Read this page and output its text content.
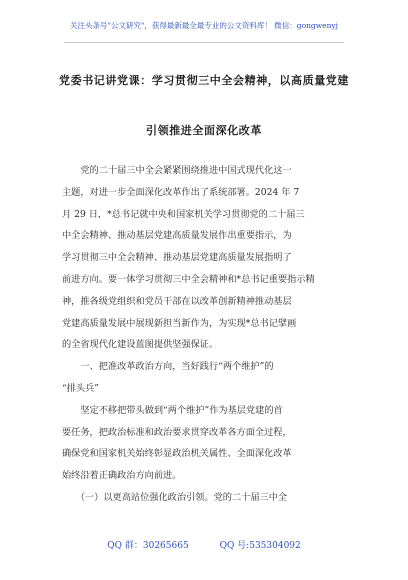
关注头条号"公文研究"，获得最新最全最专业的公文资料库！ 微信：gongwenyj
党委书记讲党课：学习贯彻三中全会精神，以高质量党建
引领推进全面深化改革
　　党的二十届三中全会紧紧围绕推进中国式现代化这一
主题，对进一步全面深化改革作出了系统部署。2024 年 7
月 29 日，*总书记就中央和国家机关学习贯彻党的二十届三
中全会精神、推动基层党建高质量发展作出重要指示，为
学习贯彻三中全会精神、推动基层党建高质量发展指明了
前进方向。要一体学习贯彻三中全会精神和*总书记重要指示精
神，推各级党组织和党员干部在以改革创新精神推动基层
党建高质量发展中展现新担当新作为，为实现*总书记擘画
的全省现代化建设蓝图提供坚强保证。
　　一、把准改革政治方向，当好践行“两个维护”的
“排头兵”
　　坚定不移把带头做到“两个维护”作为基层党建的首
要任务，把政治标准和政治要求贯穿改革各方面全过程，
确保党和国家机关始终彰显政治机关属性、全面深化改革
始终沿着正确政治方向前进。
　　（一）以更高站位强化政治引领。党的二十届三中全
QQ 群：30265665	QQ 号:535304092
